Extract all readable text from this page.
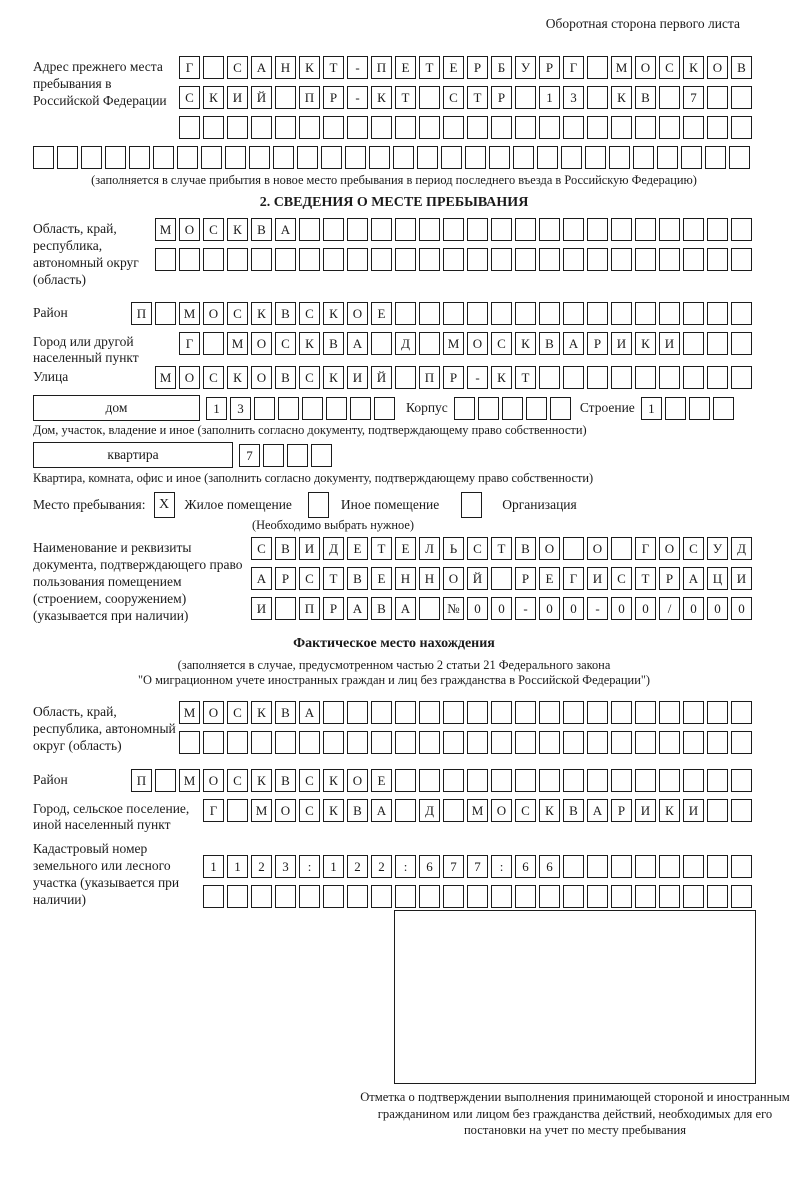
Оборотная сторона первого листа
Адрес прежнего места пребывания в Российской Федерации
Г	С	А	Н	К	Т	-	П	Е	Т	Е	Р	Б	У	Р	Г	М	О	С	К	О	В
С	К	И	Й	П	Р	-	К	Т	С	Т	Р	1	3	К	В	7
(заполняется в случае прибытия в новое место пребывания в период последнего въезда в Российскую Федерацию)
2. СВЕДЕНИЯ О МЕСТЕ ПРЕБЫВАНИЯ
Область, край, республика, автономный округ (область)
М	О	С	К	В	А
Район	П	М	О	С	К	В	С	К	О	Е
Город или другой населенный пункт
Г	М	О	С	К	В	А	Д	М	О	С	К	В	А	Р	И	К	И
Улица	М	О	С	К	О	В	С	К	И	Й	П	Р	-	К	Т
дом	1	3	Корпус	Строение	1
Дом, участок, владение и иное (заполнить согласно документу, подтверждающему право собственности)
квартира	7
Квартира, комната, офис и иное (заполнить согласно документу, подтверждающему право собственности)
Место пребывания: X	Жилое помещение	Иное помещение	Организация
(Необходимо выбрать нужное)
Наименование и реквизиты документа, подтверждающего право пользования помещением (строением, сооружением) (указывается при наличии)
С	В	И	Д	Е	Т	Е	Л	Ь	С	Т	В	О	О	Г	О	С	У	Д
А	Р	С	Т	В	Е	Н	Н	О	Й	Р	Е	Г	И	С	Т	Р	А	Ц	И
И	П	Р	А	В	А	№	0	0	-	0	0	-	0	0	/	0	0	0
Фактическое место нахождения
(заполняется в случае, предусмотренном частью 2 статьи 21 Федерального закона
"О миграционном учете иностранных граждан и лиц без гражданства в Российской Федерации")
Область, край, республика, автономный округ (область)
М	О	С	К	В	А
Район	П	М	О	С	К	В	С	К	О	Е
Город, сельское поселение, иной населенный пункт
Г	М	О	С	К	В	А	Д	М	О	С	К	В	А	Р	И	К	И
Кадастровый номер земельного или лесного участка (указывается при наличии)
1	1	2	3	:	1	2	2	:	6	7	7	:	6	6
Отметка о подтверждении выполнения принимающей стороной и иностранным гражданином или лицом без гражданства действий, необходимых для его постановки на учет по месту пребывания
